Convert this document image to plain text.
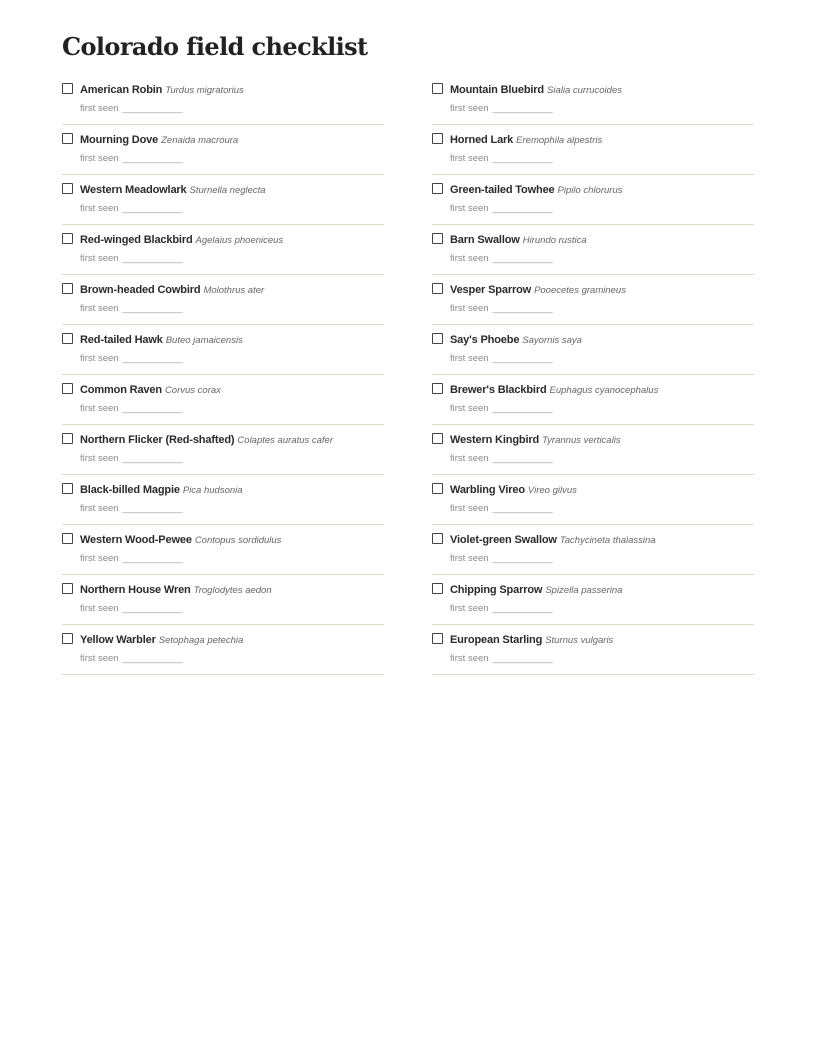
Colorado field checklist
American Robin Turdus migratorius
first seen ____________
Mourning Dove Zenaida macroura
first seen ____________
Western Meadowlark Sturnella neglecta
first seen ____________
Red-winged Blackbird Agelaius phoeniceus
first seen ____________
Brown-headed Cowbird Molothrus ater
first seen ____________
Red-tailed Hawk Buteo jamaicensis
first seen ____________
Common Raven Corvus corax
first seen ____________
Northern Flicker (Red-shafted) Colaptes auratus cafer
first seen ____________
Black-billed Magpie Pica hudsonia
first seen ____________
Western Wood-Pewee Contopus sordidulus
first seen ____________
Northern House Wren Troglodytes aedon
first seen ____________
Yellow Warbler Setophaga petechia
first seen ____________
Mountain Bluebird Sialia currucoides
first seen ____________
Horned Lark Eremophila alpestris
first seen ____________
Green-tailed Towhee Pipilo chlorurus
first seen ____________
Barn Swallow Hirundo rustica
first seen ____________
Vesper Sparrow Pooecetes gramineus
first seen ____________
Say's Phoebe Sayornis saya
first seen ____________
Brewer's Blackbird Euphagus cyanocephalus
first seen ____________
Western Kingbird Tyrannus verticalis
first seen ____________
Warbling Vireo Vireo gilvus
first seen ____________
Violet-green Swallow Tachycineta thalassina
first seen ____________
Chipping Sparrow Spizella passerina
first seen ____________
European Starling Sturnus vulgaris
first seen ____________
